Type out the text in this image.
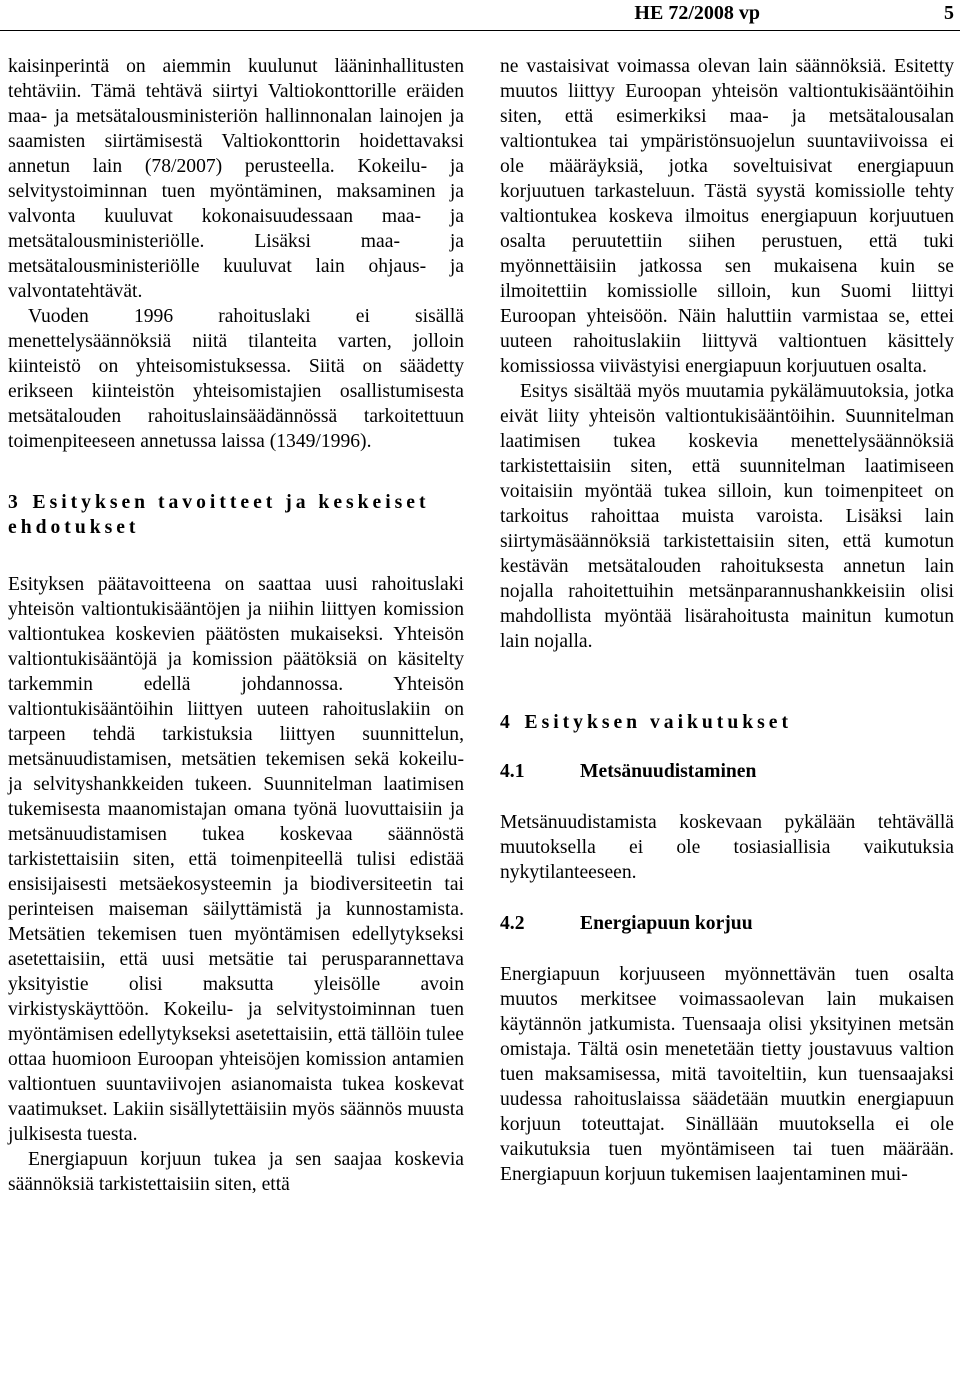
HE 72/2008 vp	5

kaisinperintä on aiemmin kuulunut lääninhallitusten tehtäviin. Tämä tehtävä siirtyi Valtiokonttorille eräiden maa- ja metsätalousministeriön hallinnonalan lainojen ja saamisten siirtämisestä Valtiokonttorin hoidettavaksi annetun lain (78/2007) perusteella. Kokeilu- ja selvitystoiminnan tuen myöntäminen, maksaminen ja valvonta kuuluvat kokonaisuudessaan maa- ja metsätalousministeriölle. Lisäksi maa- ja metsätalousministeriölle kuuluvat lain ohjaus- ja valvontatehtävät.

Vuoden 1996 rahoituslaki ei sisällä menettelysäännöksiä niitä tilanteita varten, jolloin kiinteistö on yhteisomistuksessa. Siitä on säädetty erikseen kiinteistön yhteisomistajien osallistumisesta metsätalouden rahoituslainsäädännössä tarkoitettuun toimenpiteeseen annetussa laissa (1349/1996).

3 Esityksen tavoitteet ja keskeiset ehdotukset

Esityksen päätavoitteena on saattaa uusi rahoituslaki yhteisön valtiontukisääntöjen ja niihin liittyen komission valtiontukea koskevien päätösten mukaiseksi. Yhteisön valtiontukisääntöjä ja komission päätöksiä on käsitelty tarkemmin edellä johdannossa. Yhteisön valtiontukisääntöihin liittyen uuteen rahoituslakiin on tarpeen tehdä tarkistuksia liittyen suunnittelun, metsänuudistamisen, metsätien tekemisen sekä kokeilu- ja selvityshankkeiden tukeen. Suunnitelman laatimisen tukemisesta maanomistajan omana työnä luovuttaisiin ja metsänuudistamisen tukea koskevaa säännöstä tarkistettaisiin siten, että toimenpiteellä tulisi edistää ensisijaisesti metsäekosysteemin ja biodiversiteetin tai perinteisen maiseman säilyttämistä ja kunnostamista. Metsätien tekemisen tuen myöntämisen edellytykseksi asetettaisiin, että uusi metsätie tai perusparannettava yksityistie olisi maksutta yleisölle avoin virkistyskäyttöön. Kokeilu- ja selvitystoiminnan tuen myöntämisen edellytykseksi asetettaisiin, että tällöin tulee ottaa huomioon Euroopan yhteisöjen komission antamien valtiontuen suuntaviivojen asianomaista tukea koskevat vaatimukset. Lakiin sisällytettäisiin myös säännös muusta julkisesta tuesta.

Energiapuun korjuun tukea ja sen saajaa koskevia säännöksiä tarkistettaisiin siten, että

ne vastaisivat voimassa olevan lain säännöksiä. Esitetty muutos liittyy Euroopan yhteisön valtiontukisääntöihin siten, että esimerkiksi maa- ja metsätalousalan valtiontukea tai ympäristönsuojelun suuntaviivoissa ei ole määräyksiä, jotka soveltuisivat energiapuun korjuutuen tarkasteluun. Tästä syystä komissiolle tehty valtiontukea koskeva ilmoitus energiapuun korjuutuen osalta peruutettiin siihen perustuen, että tuki myönnettäisiin jatkossa sen mukaisena kuin se ilmoitettiin komissiolle silloin, kun Suomi liittyi Euroopan yhteisöön. Näin haluttiin varmistaa se, ettei uuteen rahoituslakiin liittyvä valtiontuen käsittely komissiossa viivästyisi energiapuun korjuutuen osalta.

Esitys sisältää myös muutamia pykälämuutoksia, jotka eivät liity yhteisön valtiontukisääntöihin. Suunnitelman laatimisen tukea koskevia menettelysäännöksiä tarkistettaisiin siten, että suunnitelman laatimiseen voitaisiin myöntää tukea silloin, kun toimenpiteet on tarkoitus rahoittaa muista varoista. Lisäksi lain siirtymäsäännöksiä tarkistettaisiin siten, että kumotun kestävän metsätalouden rahoituksesta annetun lain nojalla rahoitettuihin metsänparannushankkeisiin olisi mahdollista myöntää lisärahoitusta mainitun kumotun lain nojalla.

4 Esityksen vaikutukset
4.1	Metsänuudistaminen

Metsänuudistamista koskevaan pykälään tehtävällä muutoksella ei ole tosiasiallisia vaikutuksia nykytilanteeseen.

4.2	Energiapuun korjuu

Energiapuun korjuuseen myönnettävän tuen osalta muutos merkitsee voimassaolevan lain mukaisen käytännön jatkumista. Tuensaaja olisi yksityinen metsän omistaja. Tältä osin menetetään tietty joustavuus valtion tuen maksamisessa, mitä tavoiteltiin, kun tuensaajaksi uudessa rahoituslaissa säädetään muutkin energiapuun korjuun toteuttajat. Sinällään muutoksella ei ole vaikutuksia tuen myöntämiseen tai tuen määrään. Energiapuun korjuun tukemisen laajentaminen mui-
